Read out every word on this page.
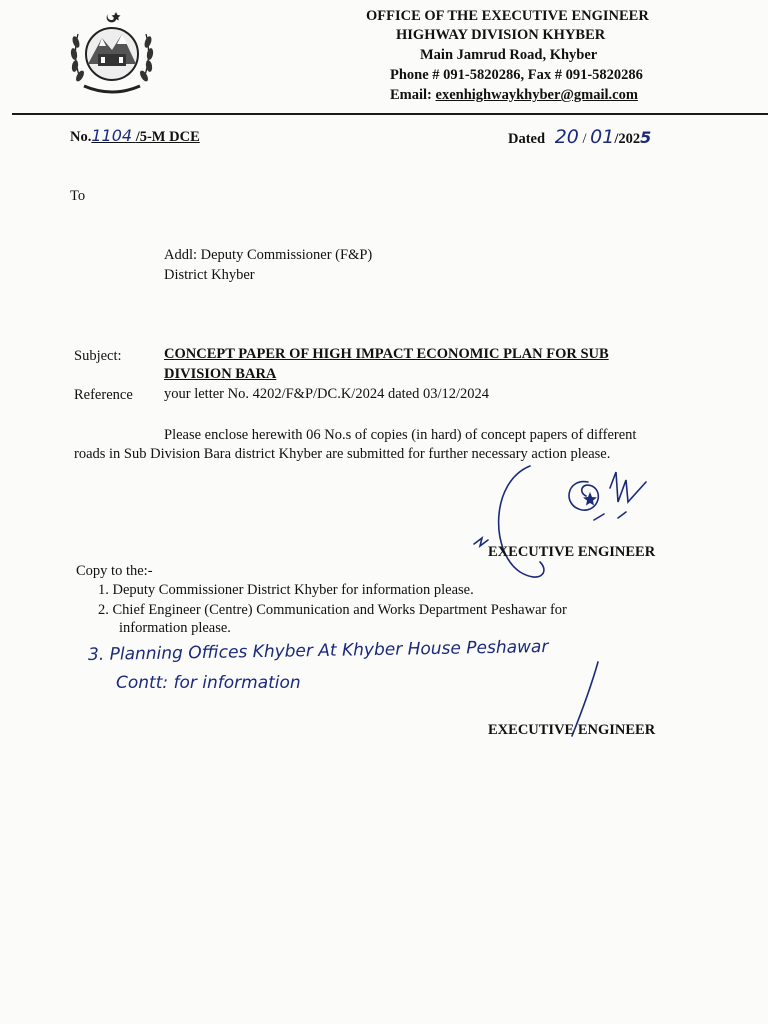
OFFICE OF THE EXECUTIVE ENGINEER
HIGHWAY DIVISION KHYBER
Main Jamrud Road, Khyber
Phone # 091-5820286, Fax # 091-5820286
Email: exenhighwaykhyber@gmail.com
No.1104 /5-M DCE	Dated 20 / 01/2025
To
Addl: Deputy Commissioner (F&P)
District Khyber
Subject:	CONCEPT PAPER OF HIGH IMPACT ECONOMIC PLAN FOR SUB
DIVISION BARA
Reference your letter No. 4202/F&P/DC.K/2024 dated 03/12/2024
Please enclose herewith 06 No.s of copies (in hard) of concept papers of different
roads in Sub Division Bara district Khyber are submitted for further necessary action please.
EXECUTIVE ENGINEER
Copy to the:-
1. Deputy Commissioner District Khyber for information please.
2. Chief Engineer (Centre) Communication and Works Department Peshawar for
information please.
3. Planning Offices Khyber At Khyber House Peshawar
Contt: for information
EXECUTIVE ENGINEER
